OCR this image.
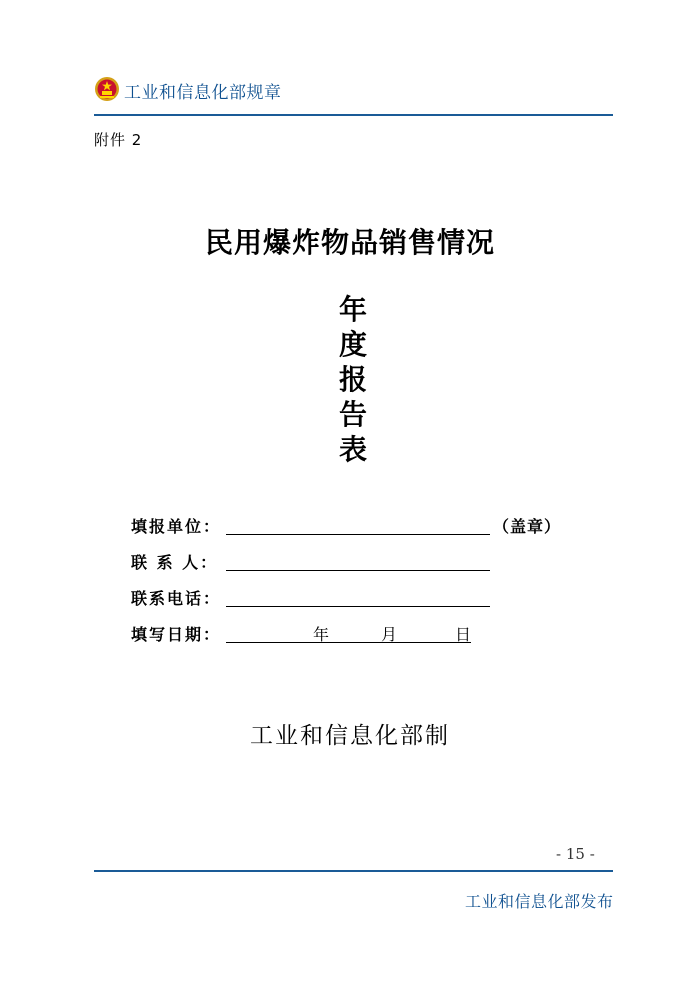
工业和信息化部规章
附件 2
民用爆炸物品销售情况
年
度
报
告
表
填报单位：	（盖章）
联 系 人：
联系电话：
填写日期：	年	月	日
工业和信息化部制
- 15 -
工业和信息化部发布
